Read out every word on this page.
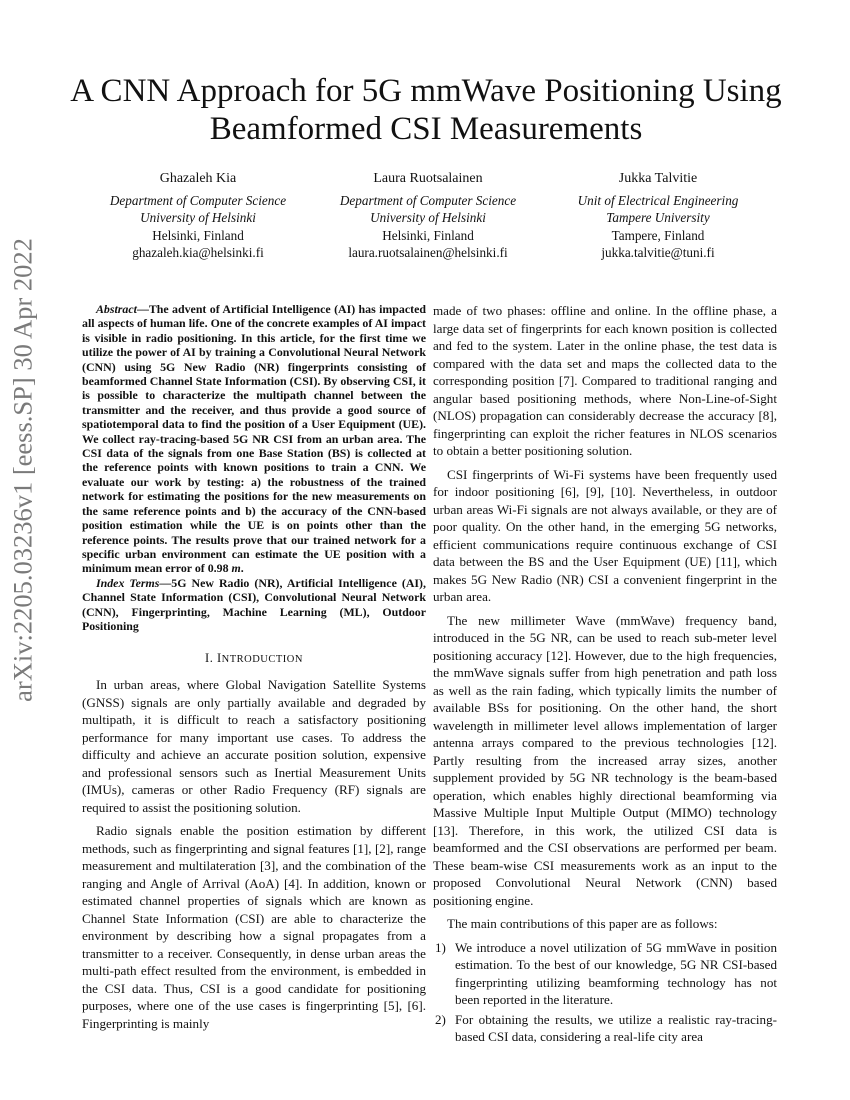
arXiv:2205.03236v1 [eess.SP] 30 Apr 2022
A CNN Approach for 5G mmWave Positioning Using Beamformed CSI Measurements
Ghazaleh Kia
Department of Computer Science
University of Helsinki
Helsinki, Finland
ghazaleh.kia@helsinki.fi
Laura Ruotsalainen
Department of Computer Science
University of Helsinki
Helsinki, Finland
laura.ruotsalainen@helsinki.fi
Jukka Talvitie
Unit of Electrical Engineering
Tampere University
Tampere, Finland
jukka.talvitie@tuni.fi
Abstract—The advent of Artificial Intelligence (AI) has impacted all aspects of human life. One of the concrete examples of AI impact is visible in radio positioning. In this article, for the first time we utilize the power of AI by training a Convolutional Neural Network (CNN) using 5G New Radio (NR) fingerprints consisting of beamformed Channel State Information (CSI). By observing CSI, it is possible to characterize the multipath channel between the transmitter and the receiver, and thus provide a good source of spatiotemporal data to find the position of a User Equipment (UE). We collect ray-tracing-based 5G NR CSI from an urban area. The CSI data of the signals from one Base Station (BS) is collected at the reference points with known positions to train a CNN. We evaluate our work by testing: a) the robustness of the trained network for estimating the positions for the new measurements on the same reference points and b) the accuracy of the CNN-based position estimation while the UE is on points other than the reference points. The results prove that our trained network for a specific urban environment can estimate the UE position with a minimum mean error of 0.98 m.
Index Terms—5G New Radio (NR), Artificial Intelligence (AI), Channel State Information (CSI), Convolutional Neural Network (CNN), Fingerprinting, Machine Learning (ML), Outdoor Positioning
I. INTRODUCTION

In urban areas, where Global Navigation Satellite Systems (GNSS) signals are only partially available and degraded by multipath, it is difficult to reach a satisfactory positioning performance for many important use cases. To address the difficulty and achieve an accurate position solution, expensive and professional sensors such as Inertial Measurement Units (IMUs), cameras or other Radio Frequency (RF) signals are required to assist the positioning solution.

Radio signals enable the position estimation by different methods, such as fingerprinting and signal features [1], [2], range measurement and multilateration [3], and the combination of the ranging and Angle of Arrival (AoA) [4]. In addition, known or estimated channel properties of signals which are known as Channel State Information (CSI) are able to characterize the environment by describing how a signal propagates from a transmitter to a receiver. Consequently, in dense urban areas the multi-path effect resulted from the environment, is embedded in the CSI data. Thus, CSI is a good candidate for positioning purposes, where one of the use cases is fingerprinting [5], [6]. Fingerprinting is mainly

made of two phases: offline and online. In the offline phase, a large data set of fingerprints for each known position is collected and fed to the system. Later in the online phase, the test data is compared with the data set and maps the collected data to the corresponding position [7]. Compared to traditional ranging and angular based positioning methods, where Non-Line-of-Sight (NLOS) propagation can considerably decrease the accuracy [8], fingerprinting can exploit the richer features in NLOS scenarios to obtain a better positioning solution.

CSI fingerprints of Wi-Fi systems have been frequently used for indoor positioning [6], [9], [10]. Nevertheless, in outdoor urban areas Wi-Fi signals are not always available, or they are of poor quality. On the other hand, in the emerging 5G networks, efficient communications require continuous exchange of CSI data between the BS and the User Equipment (UE) [11], which makes 5G New Radio (NR) CSI a convenient fingerprint in the urban area.

The new millimeter Wave (mmWave) frequency band, introduced in the 5G NR, can be used to reach sub-meter level positioning accuracy [12]. However, due to the high frequencies, the mmWave signals suffer from high penetration and path loss as well as the rain fading, which typically limits the number of available BSs for positioning. On the other hand, the short wavelength in millimeter level allows implementation of larger antenna arrays compared to the previous technologies [12]. Partly resulting from the increased array sizes, another supplement provided by 5G NR technology is the beam-based operation, which enables highly directional beamforming via Massive Multiple Input Multiple Output (MIMO) technology [13]. Therefore, in this work, the utilized CSI data is beamformed and the CSI observations are performed per beam. These beam-wise CSI measurements work as an input to the proposed Convolutional Neural Network (CNN) based positioning engine.

The main contributions of this paper are as follows:

1) We introduce a novel utilization of 5G mmWave in position estimation. To the best of our knowledge, 5G NR CSI-based fingerprinting utilizing beamforming technology has not been reported in the literature.
2) For obtaining the results, we utilize a realistic ray-tracing-based CSI data, considering a real-life city area
